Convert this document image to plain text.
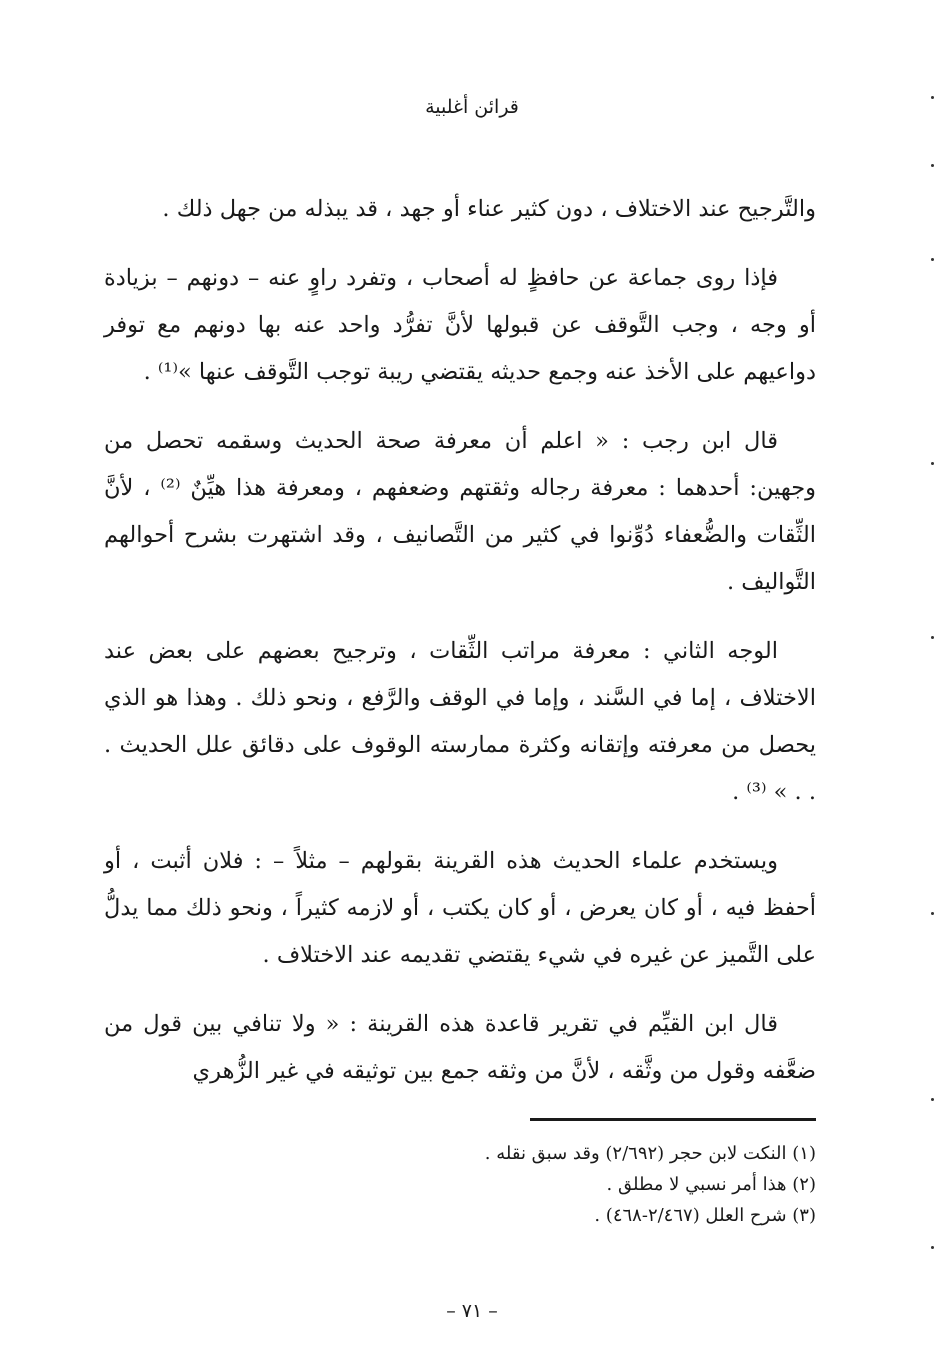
قرائن أغلبية

والتَّرجيح عند الاختلاف ، دون كثير عناء أو جهد ، قد يبذله من جهل ذلك .

فإذا روى جماعة عن حافظٍ له أصحاب ، وتفرد راوٍ عنه – دونهم – بزيادة أو وجه ، وجب التَّوقف عن قبولها لأنَّ تفرُّد واحد عنه بها دونهم مع توفر دواعيهم على الأخذ عنه وجمع حديثه يقتضي ريبة توجب التَّوقف عنها »⁽¹⁾ .

قال ابن رجب : « اعلم أن معرفة صحة الحديث وسقمه تحصل من وجهين: أحدهما : معرفة رجاله وثقتهم وضعفهم ، ومعرفة هذا هيِّنٌ ⁽²⁾ ، لأنَّ الثِّقات والضُّعفاء دُوِّنوا في كثير من التَّصانيف ، وقد اشتهرت بشرح أحوالهم التَّواليف .

الوجه الثاني : معرفة مراتب الثِّقات ، وترجيح بعضهم على بعض عند الاختلاف ، إما في السَّند ، وإما في الوقف والرَّفع ، ونحو ذلك . وهذا هو الذي يحصل من معرفته وإتقانه وكثرة ممارسته الوقوف على دقائق علل الحديث . . . » ⁽³⁾ .

ويستخدم علماء الحديث هذه القرينة بقولهم – مثلاً – : فلان أثبت ، أو أحفظ فيه ، أو كان يعرض ، أو كان يكتب ، أو لازمه كثيراً ، ونحو ذلك مما يدلُّ على التَّميز عن غيره في شيء يقتضي تقديمه عند الاختلاف .

قال ابن القيِّم في تقرير قاعدة هذه القرينة : « ولا تنافي بين قول من ضعَّفه وقول من وثَّقه ، لأنَّ من وثقه جمع بين توثيقه في غير الزُّهري

(١) النكت لابن حجر (٢/٦٩٢) وقد سبق نقله .
(٢) هذا أمر نسبي لا مطلق .
(٣) شرح العلل (٢/٤٦٧-٤٦٨) .
– ٧١ –
